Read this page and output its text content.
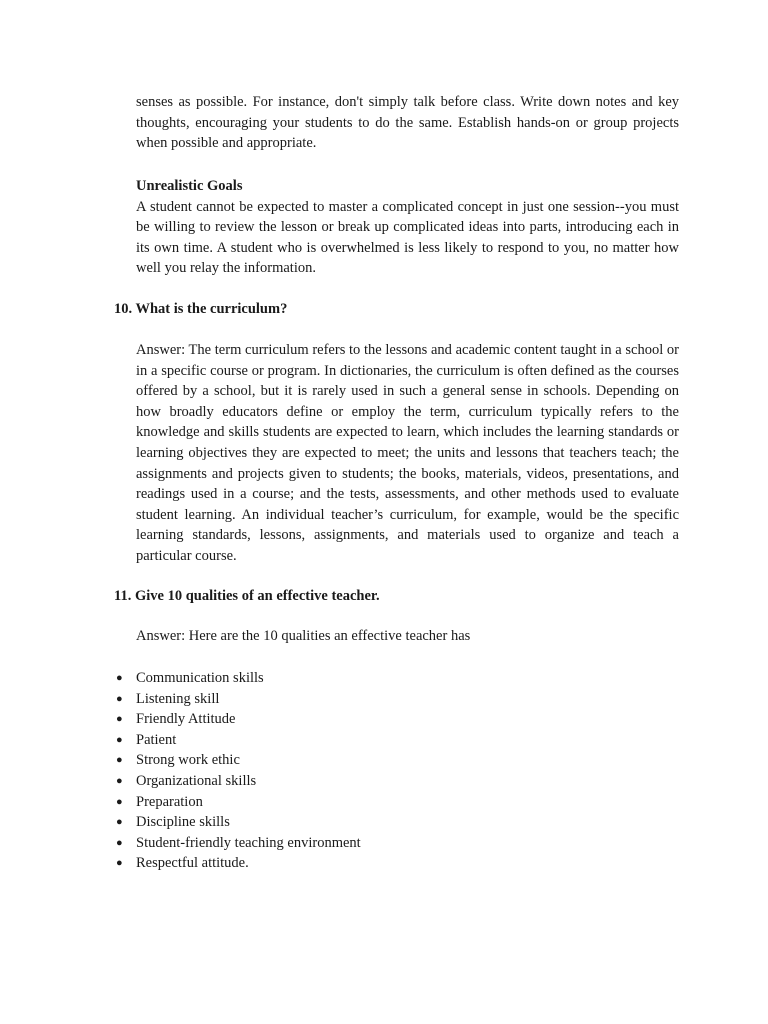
senses as possible. For instance, don't simply talk before class. Write down notes and key thoughts, encouraging your students to do the same. Establish hands-on or group projects when possible and appropriate.

Unrealistic Goals

A student cannot be expected to master a complicated concept in just one session--you must be willing to review the lesson or break up complicated ideas into parts, introducing each in its own time. A student who is overwhelmed is less likely to respond to you, no matter how well you relay the information.

10. What is the curriculum?

Answer: The term curriculum refers to the lessons and academic content taught in a school or in a specific course or program. In dictionaries, the curriculum is often defined as the courses offered by a school, but it is rarely used in such a general sense in schools. Depending on how broadly educators define or employ the term, curriculum typically refers to the knowledge and skills students are expected to learn, which includes the learning standards or learning objectives they are expected to meet; the units and lessons that teachers teach; the assignments and projects given to students; the books, materials, videos, presentations, and readings used in a course; and the tests, assessments, and other methods used to evaluate student learning. An individual teacher’s curriculum, for example, would be the specific learning standards, lessons, assignments, and materials used to organize and teach a particular course.

11. Give 10 qualities of an effective teacher.

Answer: Here are the 10 qualities an effective teacher has

● Communication skills
● Listening skill
● Friendly Attitude
● Patient
● Strong work ethic
● Organizational skills
● Preparation
● Discipline skills
● Student-friendly teaching environment
● Respectful attitude.
